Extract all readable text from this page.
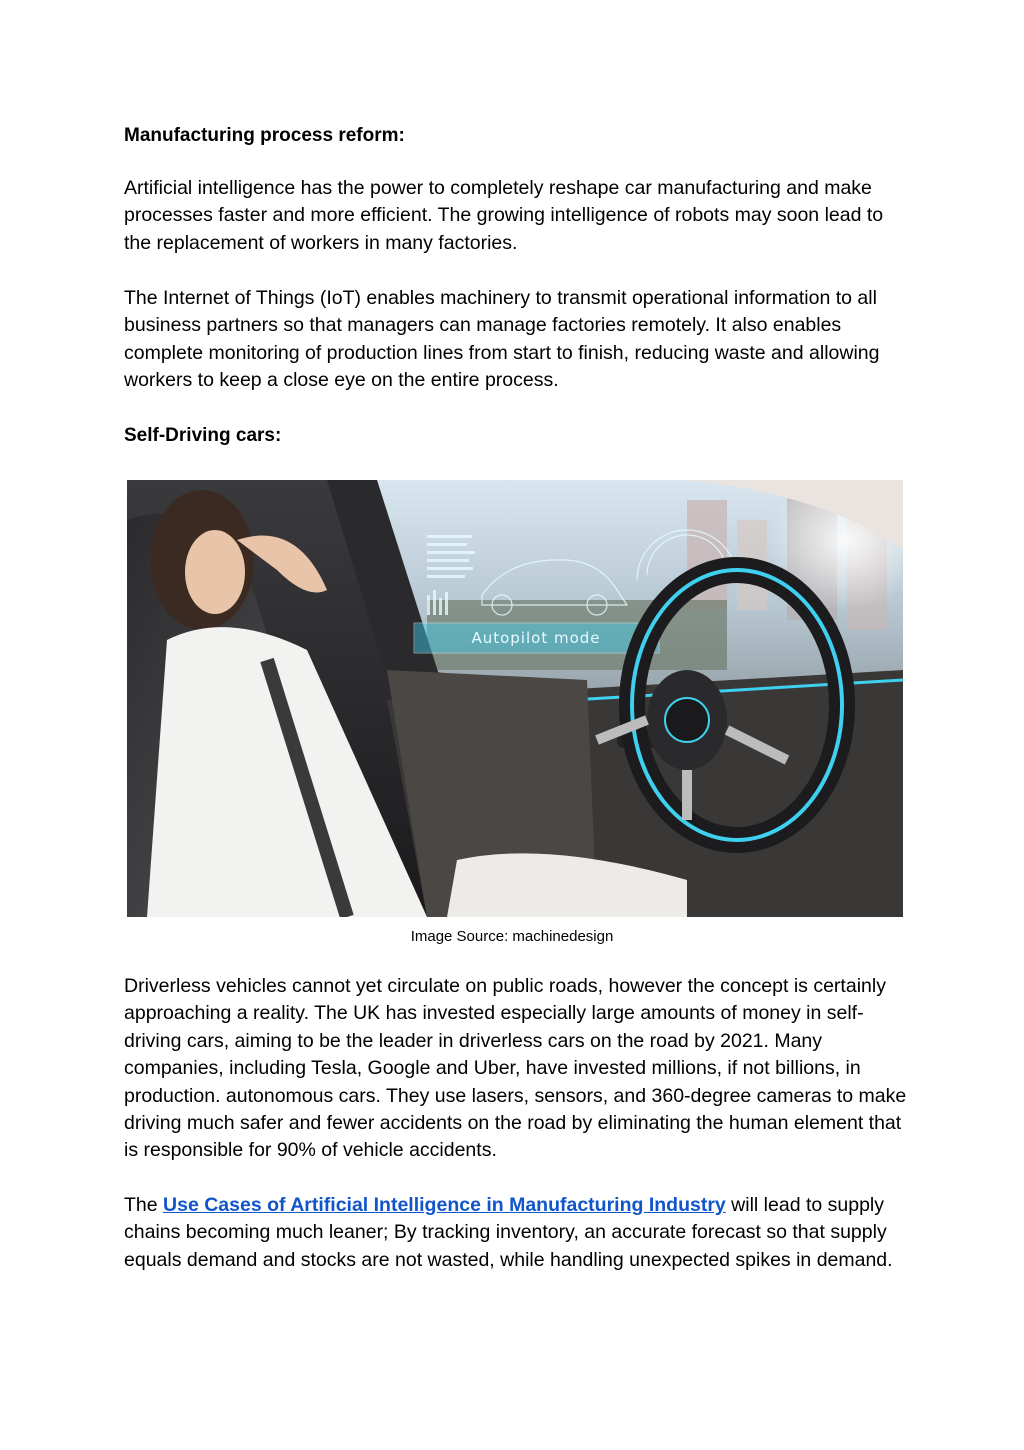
Manufacturing process reform:

Artificial intelligence has the power to completely reshape car manufacturing and make processes faster and more efficient. The growing intelligence of robots may soon lead to the replacement of workers in many factories.

The Internet of Things (IoT) enables machinery to transmit operational information to all business partners so that managers can manage factories remotely. It also enables complete monitoring of production lines from start to finish, reducing waste and allowing workers to keep a close eye on the entire process.

Self-Driving cars:
Autopilot mode
Image Source: machinedesign

Driverless vehicles cannot yet circulate on public roads, however the concept is certainly approaching a reality. The UK has invested especially large amounts of money in self-driving cars, aiming to be the leader in driverless cars on the road by 2021. Many companies, including Tesla, Google and Uber, have invested millions, if not billions, in production. autonomous cars. They use lasers, sensors, and 360-degree cameras to make driving much safer and fewer accidents on the road by eliminating the human element that is responsible for 90% of vehicle accidents.

The Use Cases of Artificial Intelligence in Manufacturing Industry will lead to supply chains becoming much leaner; By tracking inventory, an accurate forecast so that supply equals demand and stocks are not wasted, while handling unexpected spikes in demand.
